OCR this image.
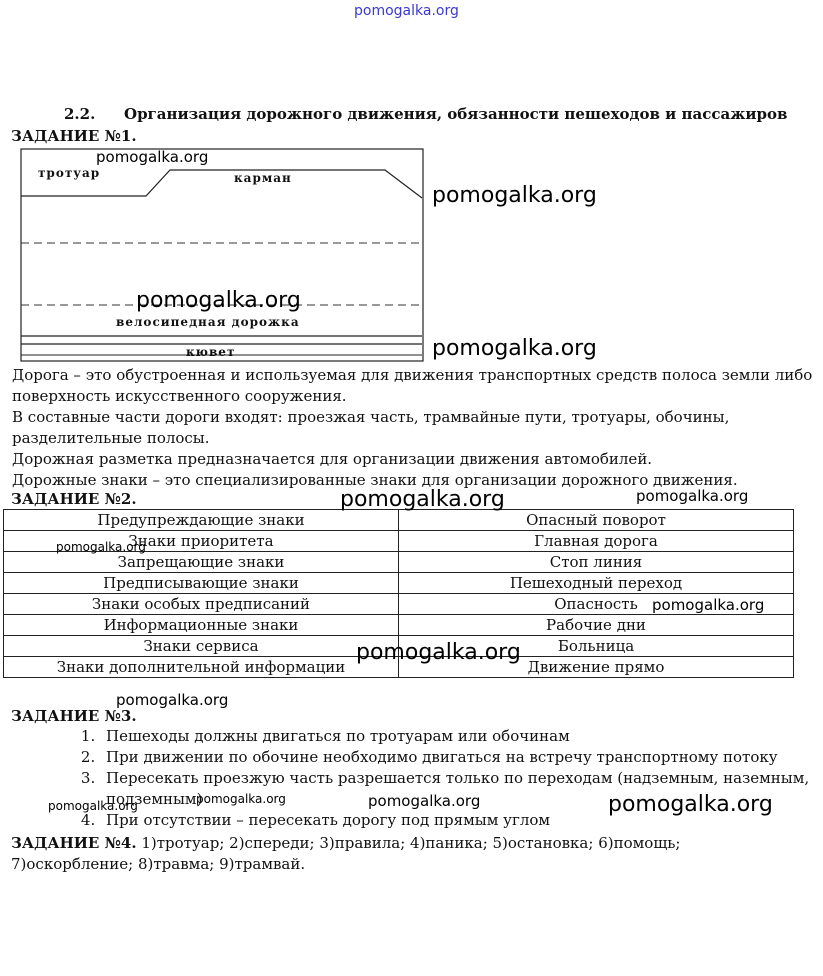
pomogalka.org
2.2. Организация дорожного движения, обязанности пешеходов и пассажиров
ЗАДАНИЕ №1.
тротуар	карман
велосипедная дорожка
кювет
Дорога – это обустроенная и используемая для движения транспортных средств полоса земли либо
поверхность искусственного сооружения.
В составные части дороги входят: проезжая часть, трамвайные пути, тротуары, обочины,
разделительные полосы.
Дорожная разметка предназначается для организации движения автомобилей.
Дорожные знаки – это специализированные знаки для организации дорожного движения.
ЗАДАНИЕ №2.
Предупреждающие знаки	Опасный поворот
Знаки приоритета	Главная дорога
Запрещающие знаки	Стоп линия
Предписывающие знаки	Пешеходный переход
Знаки особых предписаний	Опасность
Информационные знаки	Рабочие дни
Знаки сервиса	Больница
Знаки дополнительной информации	Движение прямо
ЗАДАНИЕ №3.
1. Пешеходы должны двигаться по тротуарам или обочинам
2. При движении по обочине необходимо двигаться на встречу транспортному потоку
3. Пересекать проезжую часть разрешается только по переходам (надземным, наземным, подземным)
4. При отсутствии – пересекать дорогу под прямым углом
ЗАДАНИЕ №4. 1)тротуар; 2)спереди; 3)правила; 4)паника; 5)остановка; 6)помощь;
7)оскорбление; 8)травма; 9)трамвай.
pomogalka.org
pomogalka.org
pomogalka.org
pomogalka.org
pomogalka.org	pomogalka.org
pomogalka.org
pomogalka.org
pomogalka.org
pomogalka.org
pomogalka.org	pomogalka.org	pomogalka.org	pomogalka.org
